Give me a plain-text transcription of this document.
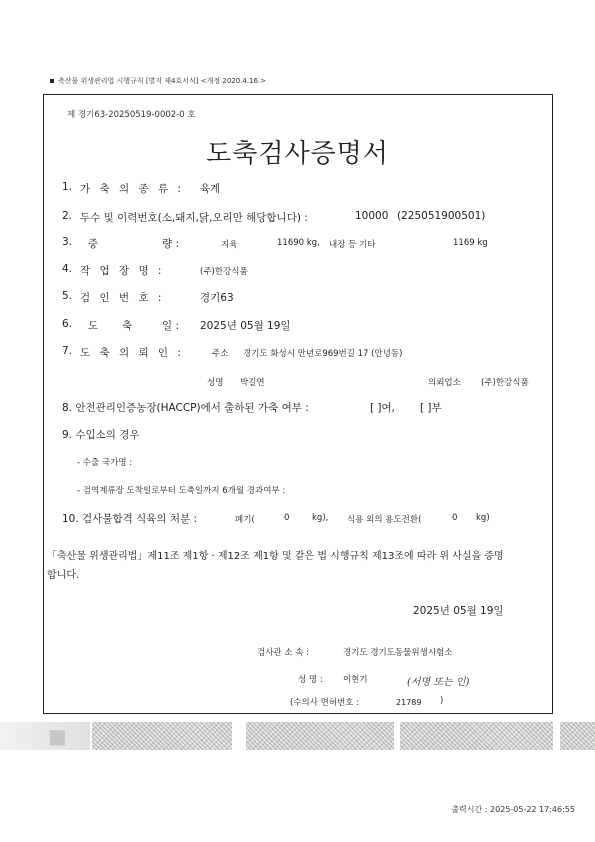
축산물 위생관리법 시행규칙 [별지 제4호서식] <개정 2020.4.16.>
제 경기63-20250519-0002-0 호
도축검사증명서
1. 가 축 의 종 류 : 육계
2. 두수 및 이력번호(소,돼지,닭,오리만 해당합니다) :	10000 (225051900501)
3. 중	량 :	지육	11690 kg, 내장 등 기타	1169 kg
4. 작 업 장 명 :	(주)한강식품
5. 검 인 번 호 :	경기63
6. 도 축	일 : 2025년 05월 19일
7. 도 축 의 뢰 인 :	주소 경기도 화성시 만년로969번길 17 (안녕동)
성명 박길연	의뢰업소 (주)한강식품
8. 안전관리인증농장(HACCP)에서 출하된 가축 여부 :	[ ]여, [ ]부
9. 수입소의 경우
- 수출 국가명 :
- 검역계류장 도착일로부터 도축일까지 6개월 경과여부 :
10. 검사불합격 식육의 처분 :	폐기(	0	kg), 식용 외의 용도전환(	0 kg)
「축산물 위생관리법」제11조 제1항 · 제12조 제1항 및 같은 법 시행규칙 제13조에 따라 위 사실을 증명
합니다.
2025년 05월 19일
검사관 소 속 :	경기도 경기도동물위생시험소
성 명 : 이현기	(서명 또는 인)
(수의사 면허번호 :	21789 )
■
출력시간 : 2025-05-22 17:46:55
